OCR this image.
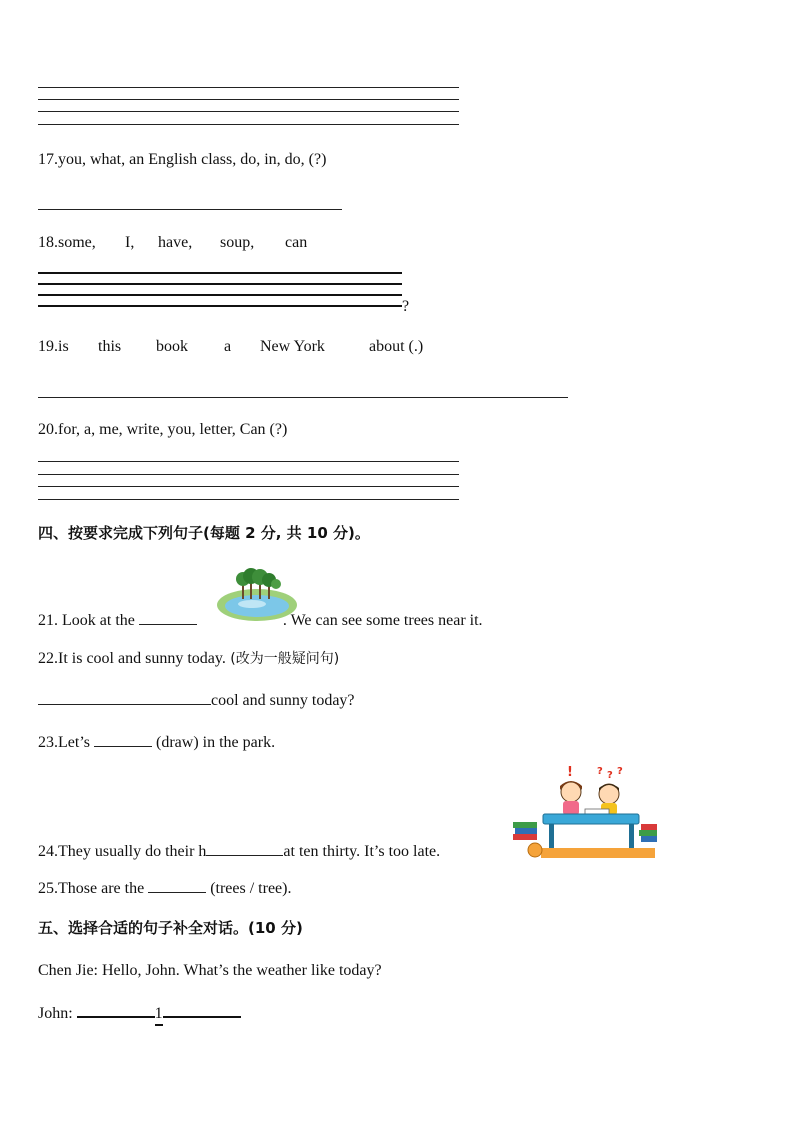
17.you, what, an English class, do, in, do, (?)
18.some, I, have, soup, can
?
19.is this book a New York	about (.)
20.for, a, me, write, you, letter, Can (?)
四、按要求完成下列句子(每题 2 分, 共 10 分)。
21. Look at the	. We can see some trees near it.
22.It is cool and sunny today. (改为一般疑问句)
cool and sunny today?
23.Let’s	(draw) in the park.
! ? ? ?
24.They usually do their h	at ten thirty. It’s too late.
25.Those are the	(trees / tree).
五、选择合适的句子补全对话。(10 分)
Chen Jie: Hello, John. What’s the weather like today?
John:	1
